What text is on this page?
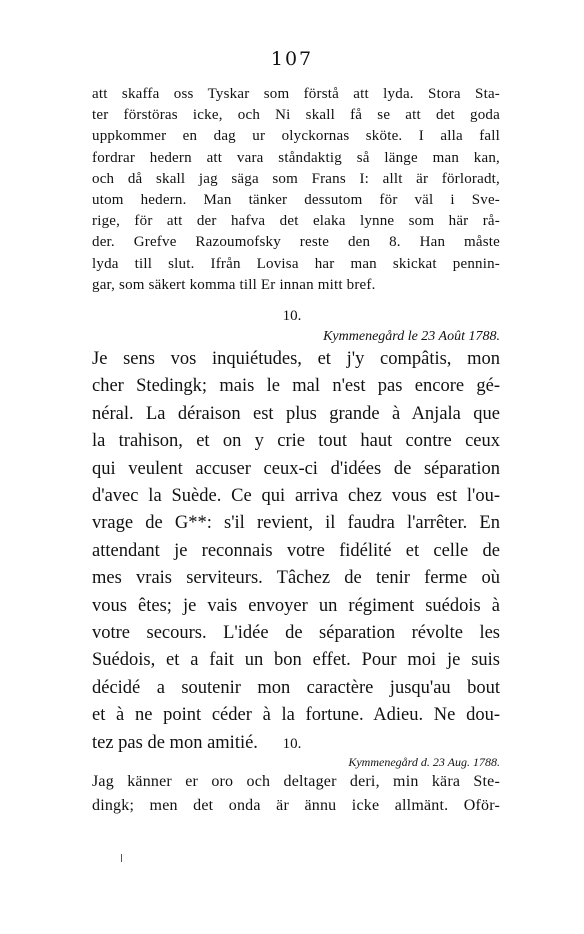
107
att skaffa oss Tyskar som förstå att lyda. Stora Sta-
ter förstöras icke, och Ni skall få se att det goda
uppkommer en dag ur olyckornas sköte. I alla fall
fordrar hedern att vara ståndaktig så länge man kan,
och då skall jag säga som Frans I: allt är förloradt,
utom hedern. Man tänker dessutom för väl i Sve-
rige, för att der hafva det elaka lynne som här rå-
der. Grefve Razoumofsky reste den 8. Han måste
lyda till slut. Ifrån Lovisa har man skickat pennin-
gar, som säkert komma till Er innan mitt bref.
10.
Kymmenegård le 23 Août 1788.
Je sens vos inquiétudes, et j'y compâtis, mon
cher Stedingk; mais le mal n'est pas encore gé-
néral. La déraison est plus grande à Anjala que
la trahison, et on y crie tout haut contre ceux
qui veulent accuser ceux-ci d'idées de séparation
d'avec la Suède. Ce qui arriva chez vous est l'ou-
vrage de G**: s'il revient, il faudra l'arrêter. En
attendant je reconnais votre fidélité et celle de
mes vrais serviteurs. Tâchez de tenir ferme où
vous êtes; je vais envoyer un régiment suédois à
votre secours. L'idée de séparation révolte les
Suédois, et a fait un bon effet. Pour moi je suis
décidé a soutenir mon caractère jusqu'au bout
et à ne point céder à la fortune. Adieu. Ne dou-
tez pas de mon amitié.	10.
Kymmenegård d. 23 Aug. 1788.
Jag känner er oro och deltager deri, min kära Ste-
dingk; men det onda är ännu icke allmänt. Oför-
